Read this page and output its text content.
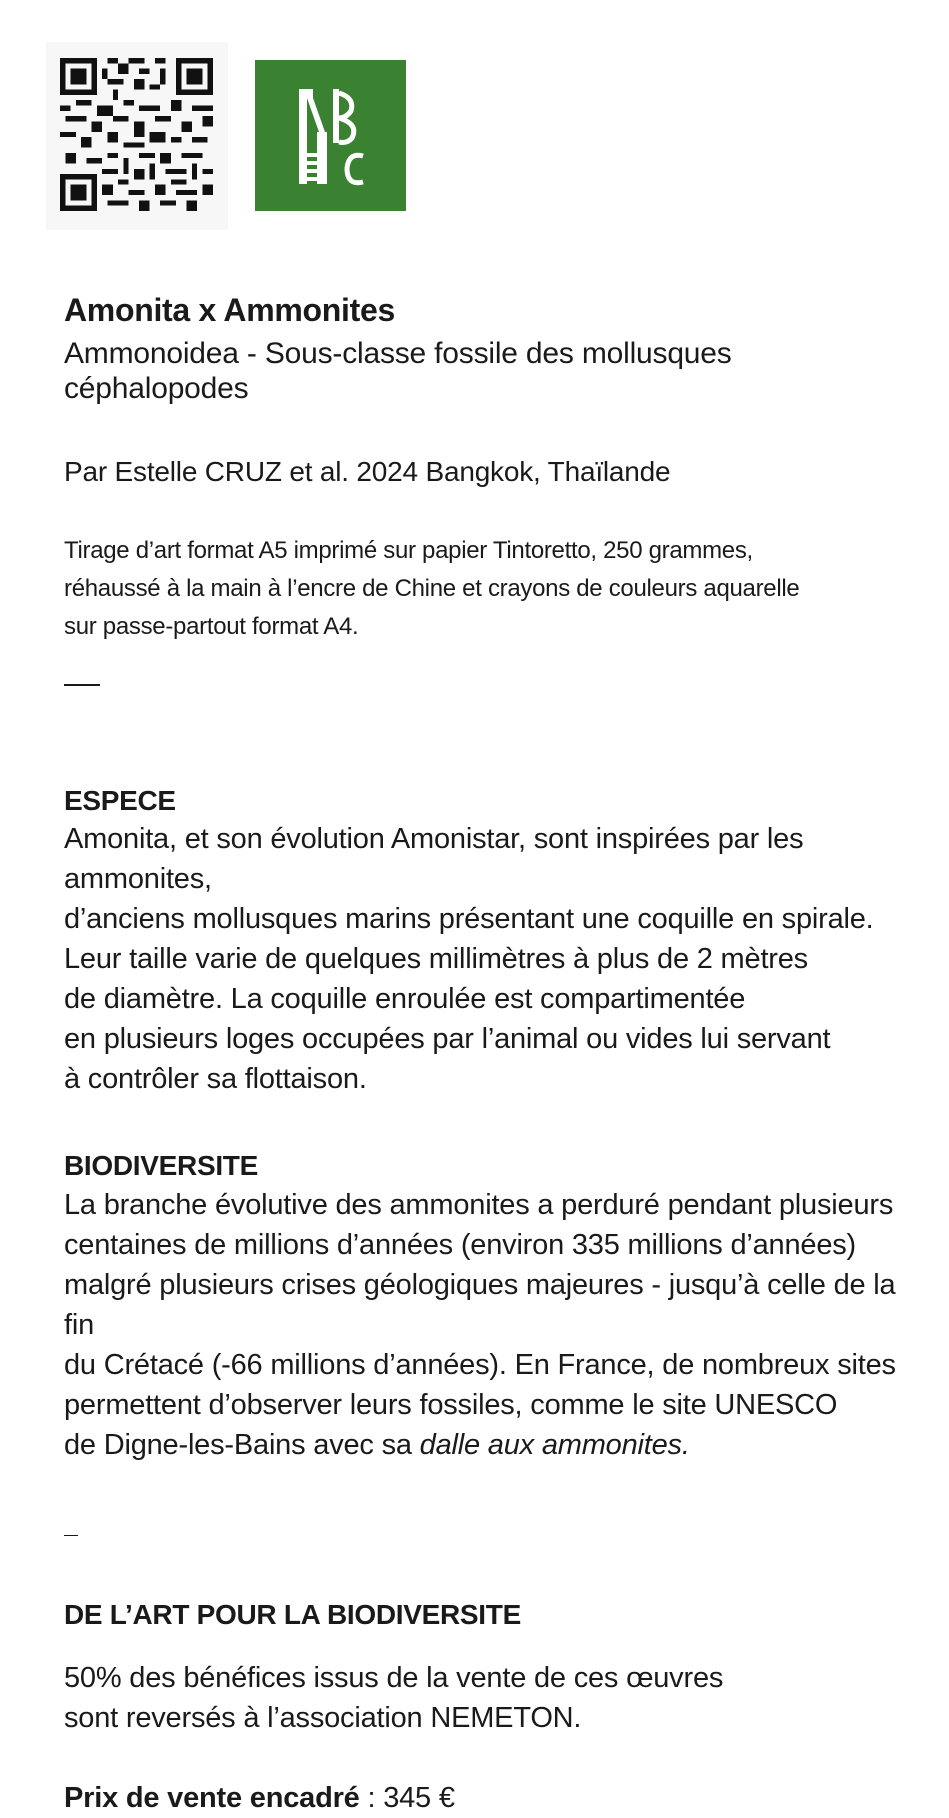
Amonita x Ammonites
Ammonoidea - Sous-classe fossile des mollusques céphalopodes
Par Estelle CRUZ et al. 2024 Bangkok, Thaïlande
Tirage d’art format A5 imprimé sur papier Tintoretto, 250 grammes,
réhaussé à la main à l’encre de Chine et crayons de couleurs aquarelle
sur passe-partout format A4.
ESPECE

Amonita, et son évolution Amonistar, sont inspirées par les ammonites,

d’anciens mollusques marins présentant une coquille en spirale.

Leur taille varie de quelques millimètres à plus de 2 mètres

de diamètre. La coquille enroulée est compartimentée

en plusieurs loges occupées par l’animal ou vides lui servant

à contrôler sa flottaison.

BIODIVERSITE

La branche évolutive des ammonites a perduré pendant plusieurs

centaines de millions d’années (environ 335 millions d’années)

malgré plusieurs crises géologiques majeures - jusqu’à celle de la fin

du Crétacé (-66 millions d’années). En France, de nombreux sites

permettent d’observer leurs fossiles, comme le site UNESCO

de Digne-les-Bains avec sa dalle aux ammonites.

DE L’ART POUR LA BIODIVERSITE

50% des bénéfices issus de la vente de ces œuvres

sont reversés à l’association NEMETON.

Prix de vente encadré : 345 €
